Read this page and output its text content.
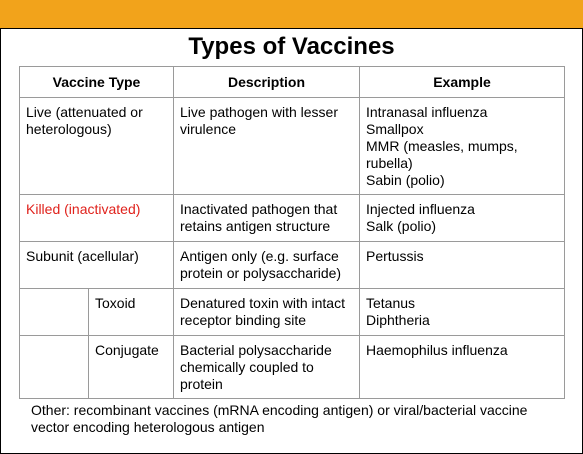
Types of Vaccines
Vaccine Type		Description	Example
Live (attenuated or heterologous)		Live pathogen with lesser virulence	Intranasal influenza
Smallpox
MMR (measles, mumps, rubella)
Sabin (polio)

Killed (inactivated)		Inactivated pathogen that retains antigen structure	Injected influenza
Salk (polio)

Subunit (acellular)		Antigen only (e.g. surface protein or polysaccharide)	Pertussis

	Toxoid	Denatured toxin with intact receptor binding site	Tetanus
Diphtheria

	Conjugate	Bacterial polysaccharide chemically coupled to protein	Haemophilus influenza
Other: recombinant vaccines (mRNA encoding antigen) or viral/bacterial vaccine vector encoding heterologous antigen
